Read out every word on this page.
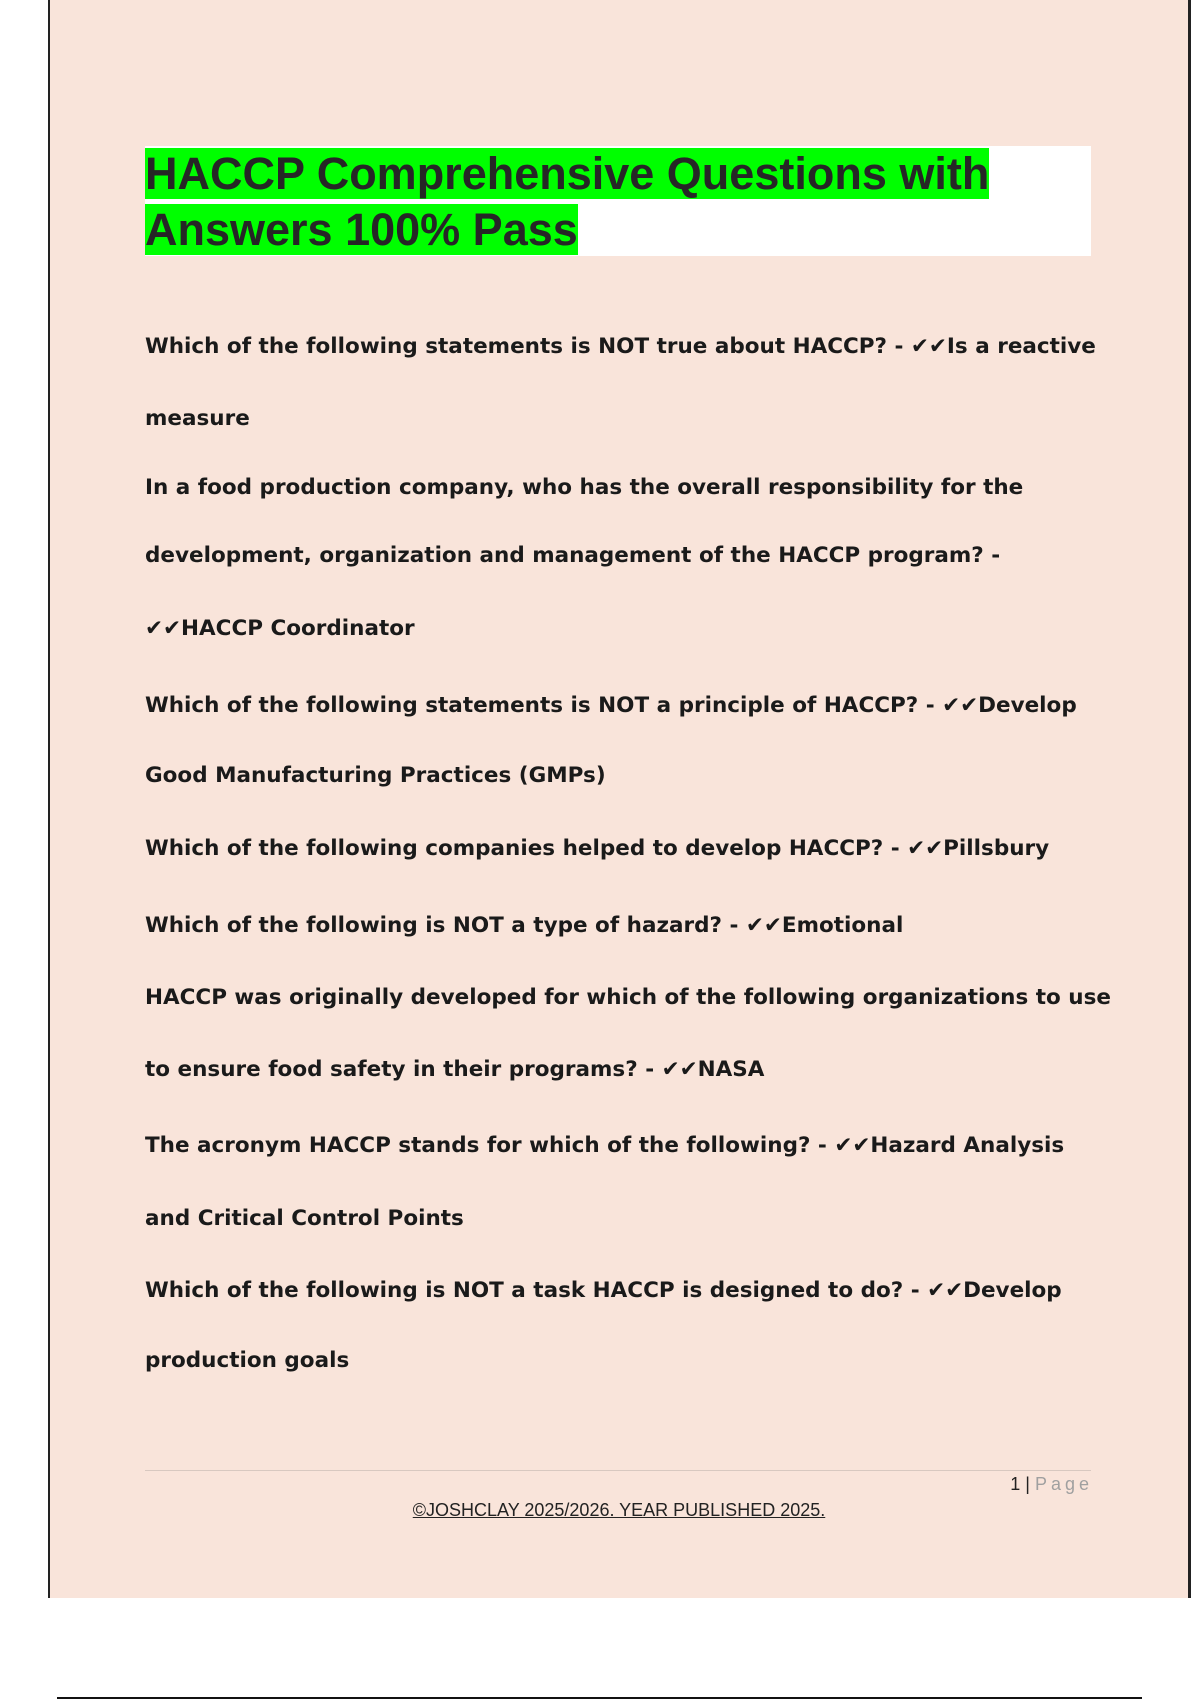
HACCP Comprehensive Questions with
Answers 100% Pass

Which of the following statements is NOT true about HACCP? - ✔✔Is a reactive

measure

In a food production company, who has the overall responsibility for the

development, organization and management of the HACCP program? -

✔✔HACCP Coordinator

Which of the following statements is NOT a principle of HACCP? - ✔✔Develop

Good Manufacturing Practices (GMPs)

Which of the following companies helped to develop HACCP? - ✔✔Pillsbury

Which of the following is NOT a type of hazard? - ✔✔Emotional

HACCP was originally developed for which of the following organizations to use

to ensure food safety in their programs? - ✔✔NASA

The acronym HACCP stands for which of the following? - ✔✔Hazard Analysis

and Critical Control Points

Which of the following is NOT a task HACCP is designed to do? - ✔✔Develop

production goals

1 | Page
©JOSHCLAY 2025/2026. YEAR PUBLISHED 2025.
